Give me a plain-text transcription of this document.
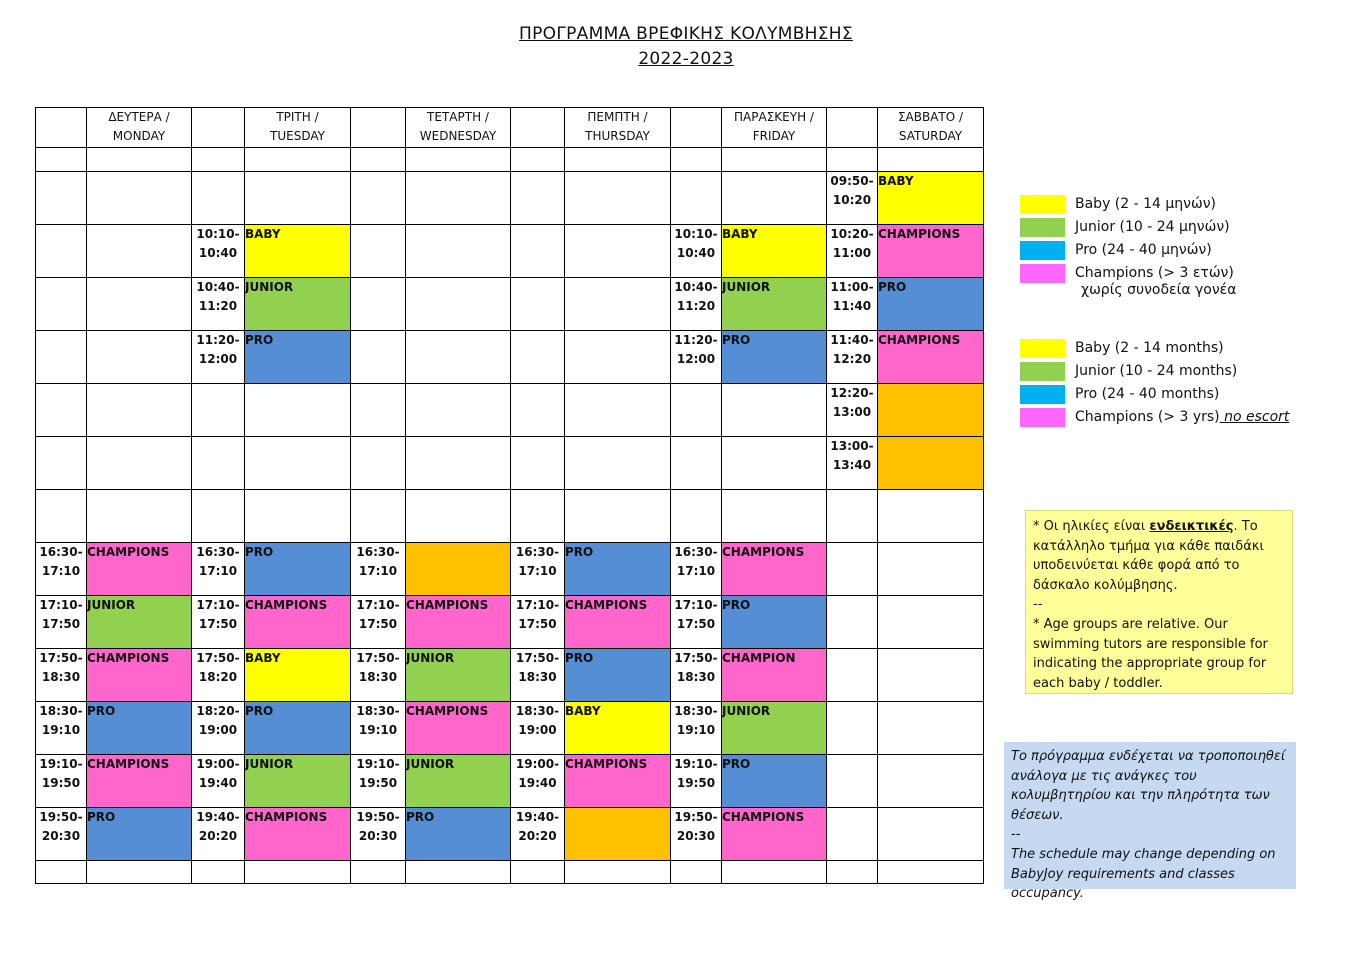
ΠΡΟΓΡΑΜΜΑ ΒΡΕΦΙΚΗΣ ΚΟΛΥΜΒΗΣΗΣ
2022-2023

	ΔΕΥΤΕΡΑ /
MONDAY		ΤΡΙΤΗ /
TUESDAY		ΤΕΤΑΡΤΗ /
WEDNESDAY		ΠΕΜΠΤΗ /
THURSDAY		ΠΑΡΑΣΚΕΥΗ /
FRIDAY		ΣΑΒΒΑΤΟ /
SATURDAY

										09:50-
10:20	BABY

		10:10-
10:40	BABY					10:10-
10:40	BABY	10:20-
11:00	CHAMPIONS

		10:40-
11:20	JUNIOR					10:40-
11:20	JUNIOR	11:00-
11:40	PRO

		11:20-
12:00	PRO					11:20-
12:00	PRO	11:40-
12:20	CHAMPIONS

										12:20-
13:00	

										13:00-
13:40	

16:30-
17:10	CHAMPIONS	16:30-
17:10	PRO	16:30-
17:10		16:30-
17:10	PRO	16:30-
17:10	CHAMPIONS		

17:10-
17:50	JUNIOR	17:10-
17:50	CHAMPIONS	17:10-
17:50	CHAMPIONS	17:10-
17:50	CHAMPIONS	17:10-
17:50	PRO		

17:50-
18:30	CHAMPIONS	17:50-
18:20	BABY	17:50-
18:30	JUNIOR	17:50-
18:30	PRO	17:50-
18:30	CHAMPION		

18:30-
19:10	PRO	18:20-
19:00	PRO	18:30-
19:10	CHAMPIONS	18:30-
19:00	BABY	18:30-
19:10	JUNIOR		

19:10-
19:50	CHAMPIONS	19:00-
19:40	JUNIOR	19:10-
19:50	JUNIOR	19:00-
19:40	CHAMPIONS	19:10-
19:50	PRO		

19:50-
20:30	PRO	19:40-
20:20	CHAMPIONS	19:50-
20:30	PRO	19:40-
20:20		19:50-
20:30	CHAMPIONS		

Baby (2 - 14 μηνών)
Junior (10 - 24 μηνών)
Pro (24 - 40 μηνών)
Champions (> 3 ετών)
χωρίς συνοδεία γονέα
Baby (2 - 14 months)
Junior (10 - 24 months)
Pro (24 - 40 months)
Champions (> 3 yrs) no escort
* Οι ηλικίες είναι ενδεικτικές. Το κατάλληλο τμήμα για κάθε παιδάκι υποδεινύεται κάθε φορά από το δάσκαλο κολύμβησης.
--
* Age groups are relative. Our swimming tutors are responsible for indicating the appropriate group for each baby / toddler.
Το πρόγραμμα ενδέχεται να τροποποιηθεί ανάλογα με τις ανάγκες του κολυμβητηρίου και την πληρότητα των θέσεων.
--
The schedule may change depending on BabyJoy requirements and classes occupancy.
